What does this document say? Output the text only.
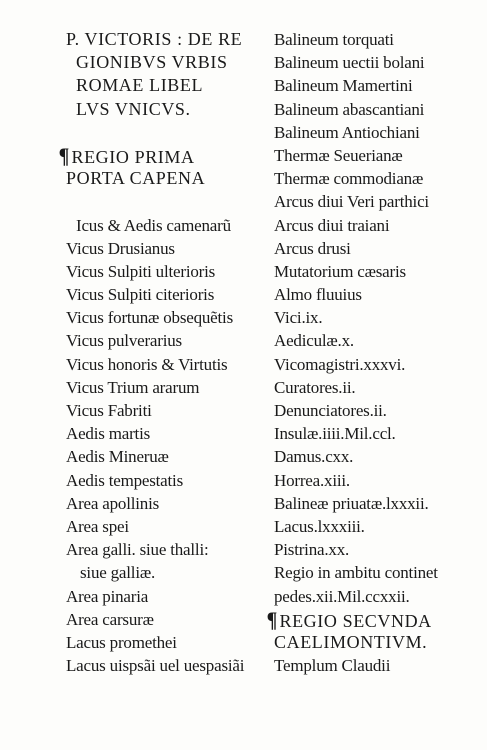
P. VICTORIS : DE RE
GIONIBVS VRBIS
ROMAE LIBEL
LVS VNICVS.
¶REGIO PRIMA
PORTA CAPENA
Icus & Aedis camenarũ
Vicus Drusianus
Vicus Sulpiti ulterioris
Vicus Sulpiti citerioris
Vicus fortunæ obsequẽtis
Vicus pulverarius
Vicus honoris & Virtutis
Vicus Trium ararum
Vicus Fabriti
Aedis martis
Aedis Mineruæ
Aedis tempestatis
Area apollinis
Area spei
Area galli. siue thalli:
siue galliæ.
Area pinaria
Area carsuræ
Lacus promethei
Lacus uispsãi uel uespasiãi
Balineum torquati
Balineum uectii bolani
Balineum Mamertini
Balineum abascantiani
Balineum Antiochiani
Thermæ Seuerianæ
Thermæ commodianæ
Arcus diui Veri parthici
Arcus diui traiani
Arcus drusi
Mutatorium cæsaris
Almo fluuius
Vici.ix.
Aediculæ.x.
Vicomagistri.xxxvi.
Curatores.ii.
Denunciatores.ii.
Insulæ.iiii.Mil.ccl.
Damus.cxx.
Horrea.xiii.
Balineæ priuatæ.lxxxii.
Lacus.lxxxiii.
Pistrina.xx.
Regio in ambitu continet
pedes.xii.Mil.ccxxii.
¶REGIO SECVNDA
CAELIMONTIVM.
Templum Claudii
